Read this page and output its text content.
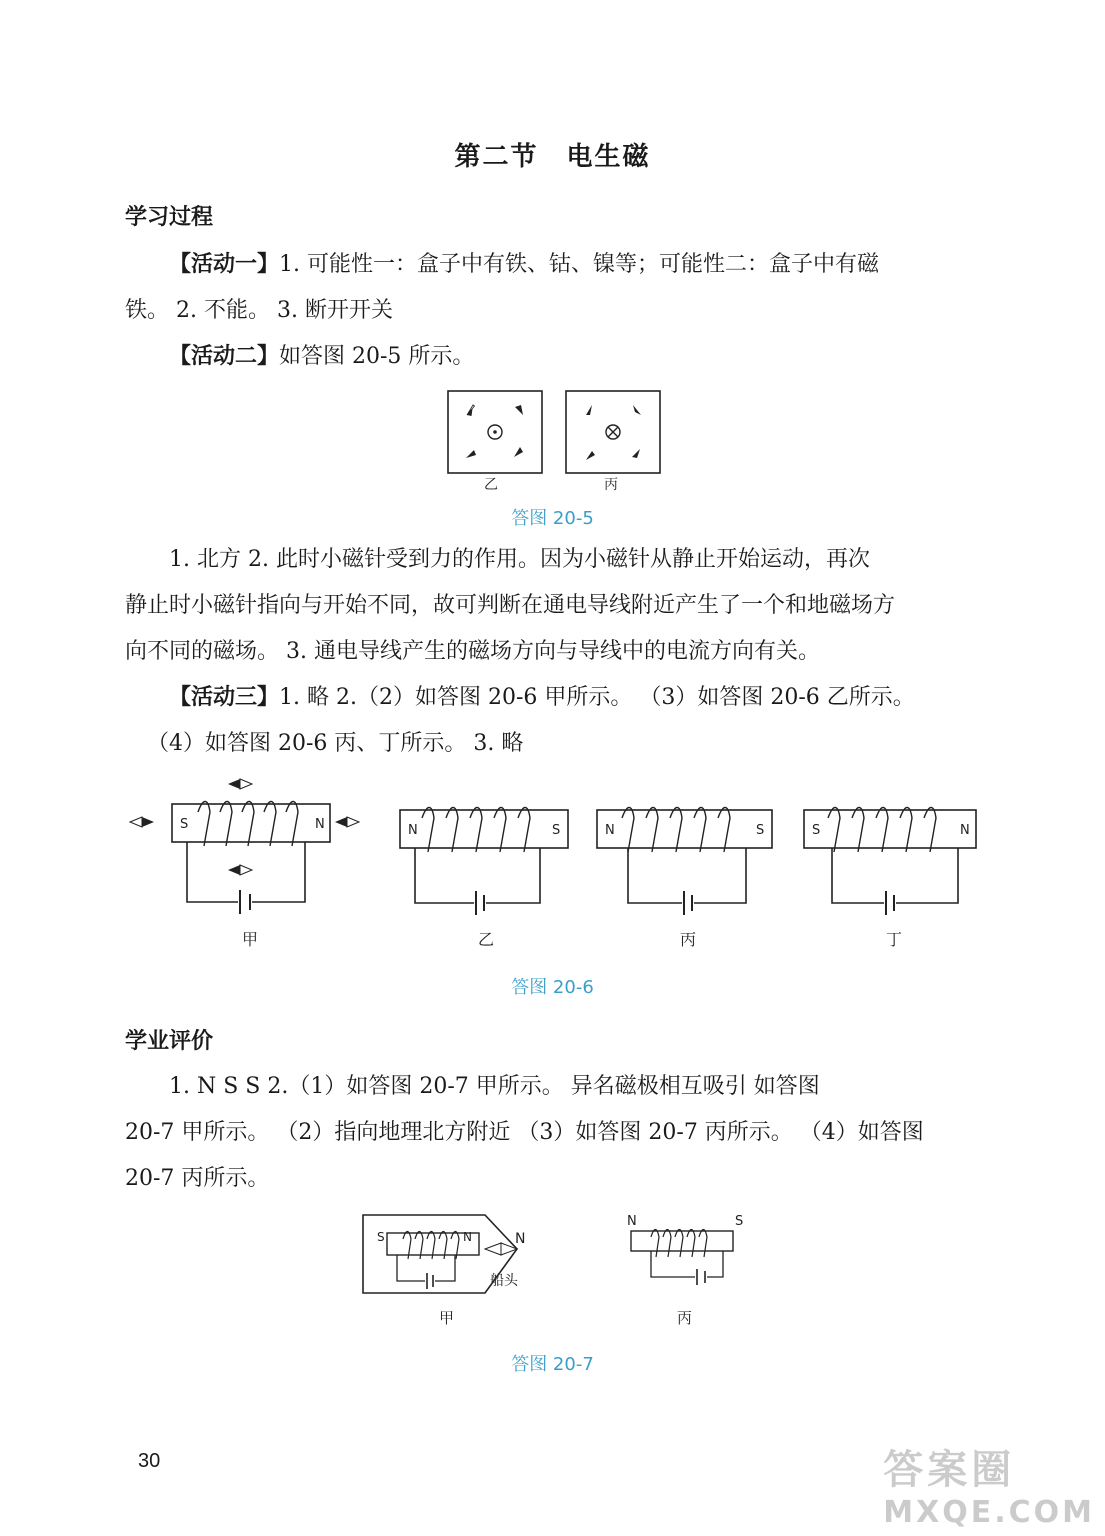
第二节 电生磁
学习过程
【活动一】1. 可能性一：盒子中有铁、钴、镍等；可能性二：盒子中有磁
铁。 2. 不能。 3. 断开开关
【活动二】如答图 20-5 所示。
乙	丙
答图 20-5
1. 北方 2. 此时小磁针受到力的作用。因为小磁针从静止开始运动，再次
静止时小磁针指向与开始不同，故可判断在通电导线附近产生了一个和地磁场方
向不同的磁场。 3. 通电导线产生的磁场方向与导线中的电流方向有关。
【活动三】1. 略 2.（2）如答图 20-6 甲所示。 （3）如答图 20-6 乙所示。
（4）如答图 20-6 丙、丁所示。 3. 略
S	N
甲
N	S
乙
N	S
丙
S	N
丁
答图 20-6
学业评价
1. N S S 2.（1）如答图 20-7 甲所示。 异名磁极相互吸引 如答图
20-7 甲所示。 （2）指向地理北方附近 （3）如答图 20-7 丙所示。 （4）如答图
20-7 丙所示。
S	N	N
船头
甲
N	S
丙
答图 20-7
30	答案圈
MXQE.COM
